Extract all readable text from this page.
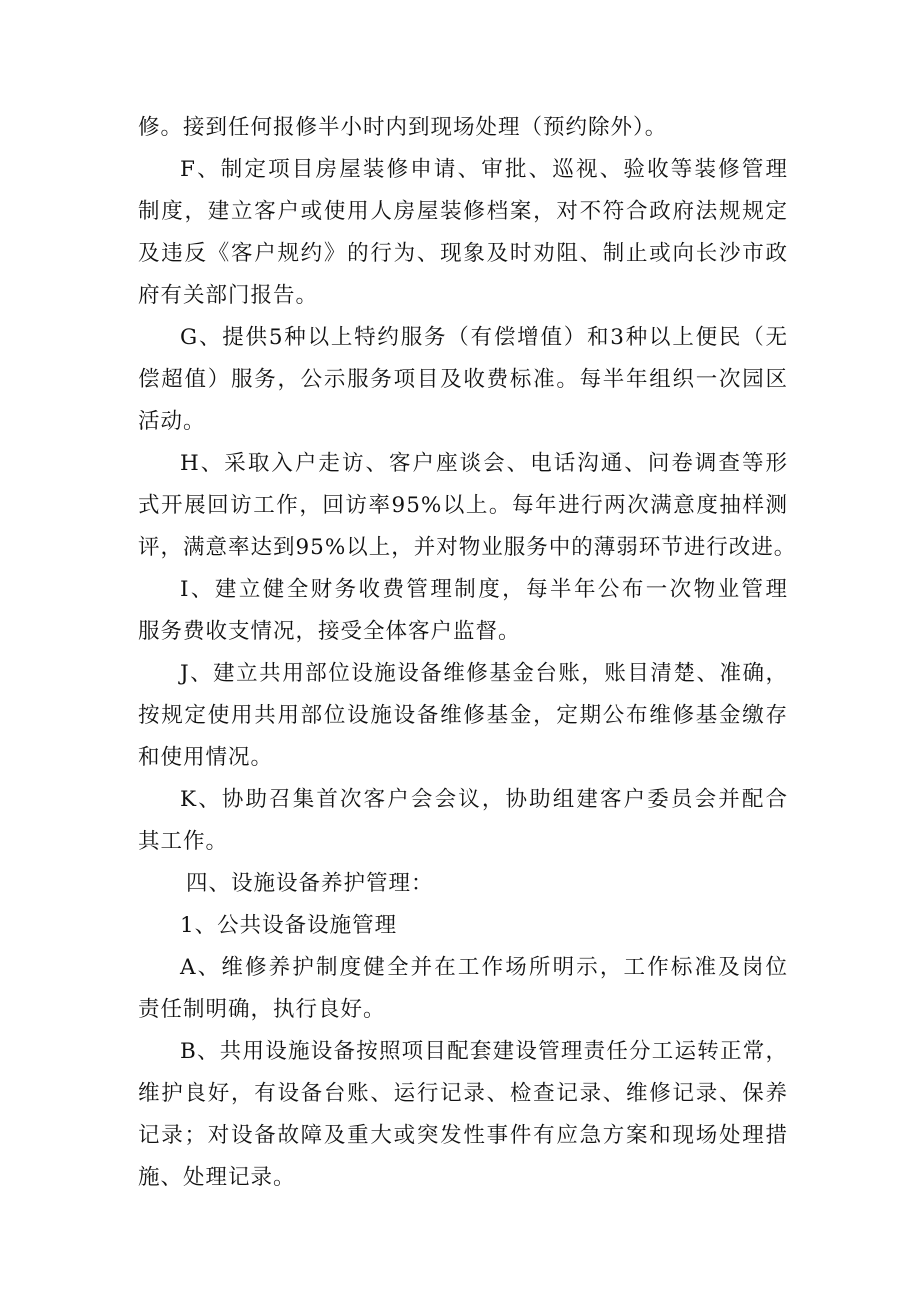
修。接到任何报修半小时内到现场处理（预约除外）。
F、制定项目房屋装修申请、审批、巡视、验收等装修管理
制度，建立客户或使用人房屋装修档案，对不符合政府法规规定
及违反《客户规约》的行为、现象及时劝阻、制止或向长沙市政
府有关部门报告。
G、提供5种以上特约服务（有偿增值）和3种以上便民（无
偿超值）服务，公示服务项目及收费标准。每半年组织一次园区
活动。
H、采取入户走访、客户座谈会、电话沟通、问卷调查等形
式开展回访工作，回访率95%以上。每年进行两次满意度抽样测
评，满意率达到95%以上，并对物业服务中的薄弱环节进行改进。
I、建立健全财务收费管理制度，每半年公布一次物业管理
服务费收支情况，接受全体客户监督。
J、建立共用部位设施设备维修基金台账，账目清楚、准确，
按规定使用共用部位设施设备维修基金，定期公布维修基金缴存
和使用情况。
K、协助召集首次客户会会议，协助组建客户委员会并配合
其工作。
四、设施设备养护管理：
1、公共设备设施管理
A、维修养护制度健全并在工作场所明示，工作标准及岗位
责任制明确，执行良好。
B、共用设施设备按照项目配套建设管理责任分工运转正常，
维护良好，有设备台账、运行记录、检查记录、维修记录、保养
记录；对设备故障及重大或突发性事件有应急方案和现场处理措
施、处理记录。
